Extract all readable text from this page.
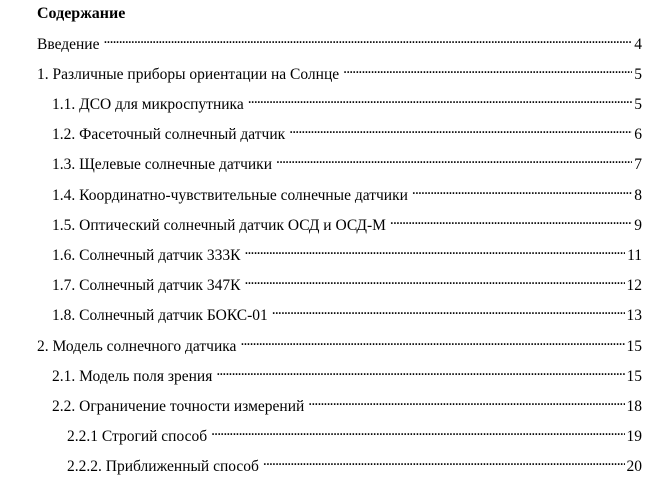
Содержание
Введение . . .	4
1. Различные приборы ориентации на Солнце . . .	5
1.1. ДСО для микроспутника . . .	5
1.2. Фасеточный солнечный датчик . . .	6
1.3. Щелевые солнечные датчики . . .	7
1.4. Координатно-чувствительные солнечные датчики . . .	8
1.5. Оптический солнечный датчик ОСД и ОСД-М . . .	9
1.6. Солнечный датчик 333К . . .	11
1.7. Солнечный датчик 347К . . .	12
1.8. Солнечный датчик БОКС-01 . . .	13
2. Модель солнечного датчика . . .	15
2.1. Модель поля зрения . . .	15
2.2. Ограничение точности измерений . . .	18
2.2.1 Строгий способ . . .	19
2.2.2. Приближенный способ . . .	20
